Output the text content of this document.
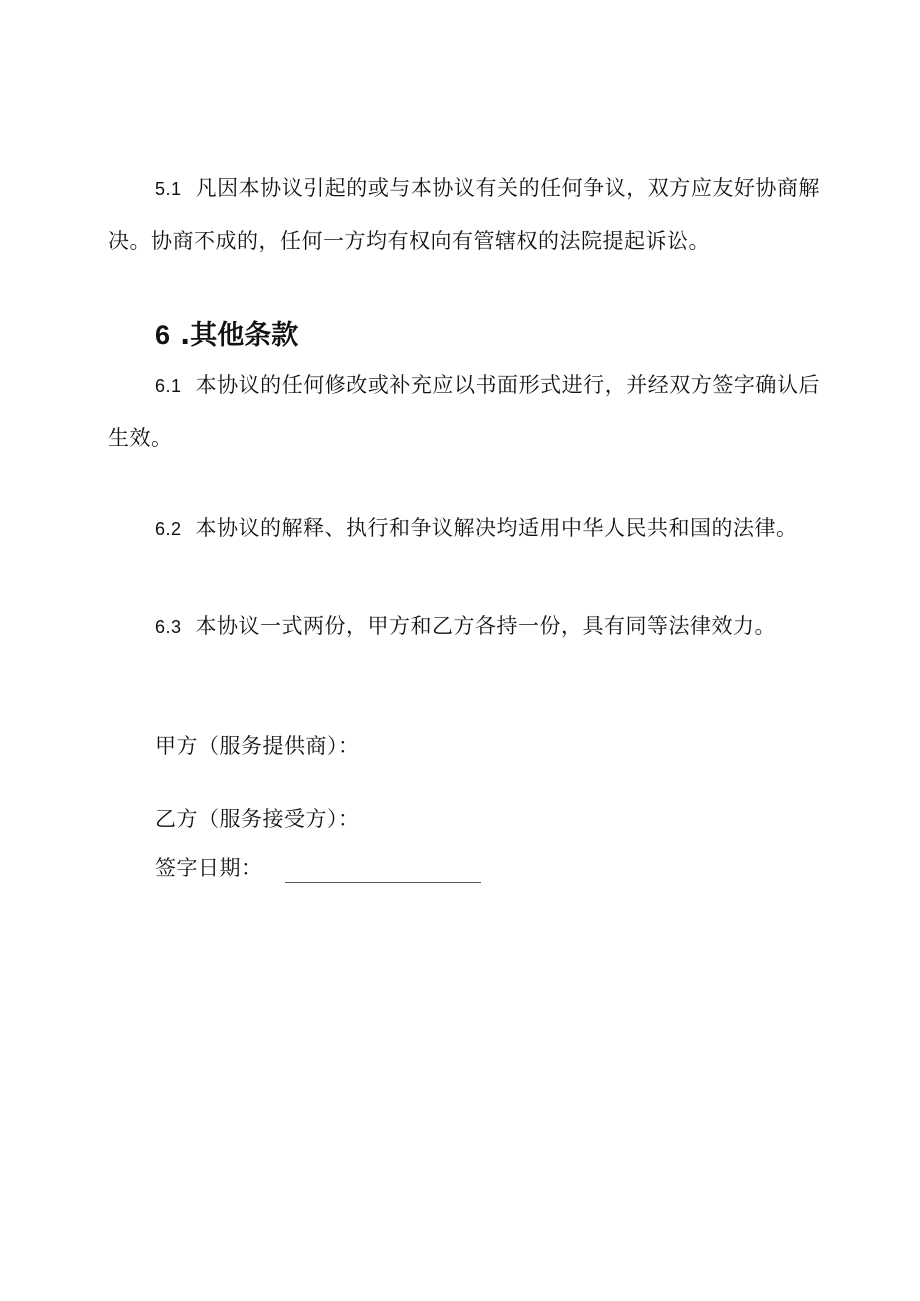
5.1 凡因本协议引起的或与本协议有关的任何争议，双方应友好协商解决。协商不成的，任何一方均有权向有管辖权的法院提起诉讼。

6 .其他条款

6.1 本协议的任何修改或补充应以书面形式进行，并经双方签字确认后生效。

6.2 本协议的解释、执行和争议解决均适用中华人民共和国的法律。

6.3 本协议一式两份，甲方和乙方各持一份，具有同等法律效力。

甲方（服务提供商）：

乙方（服务接受方）：

签字日期：
